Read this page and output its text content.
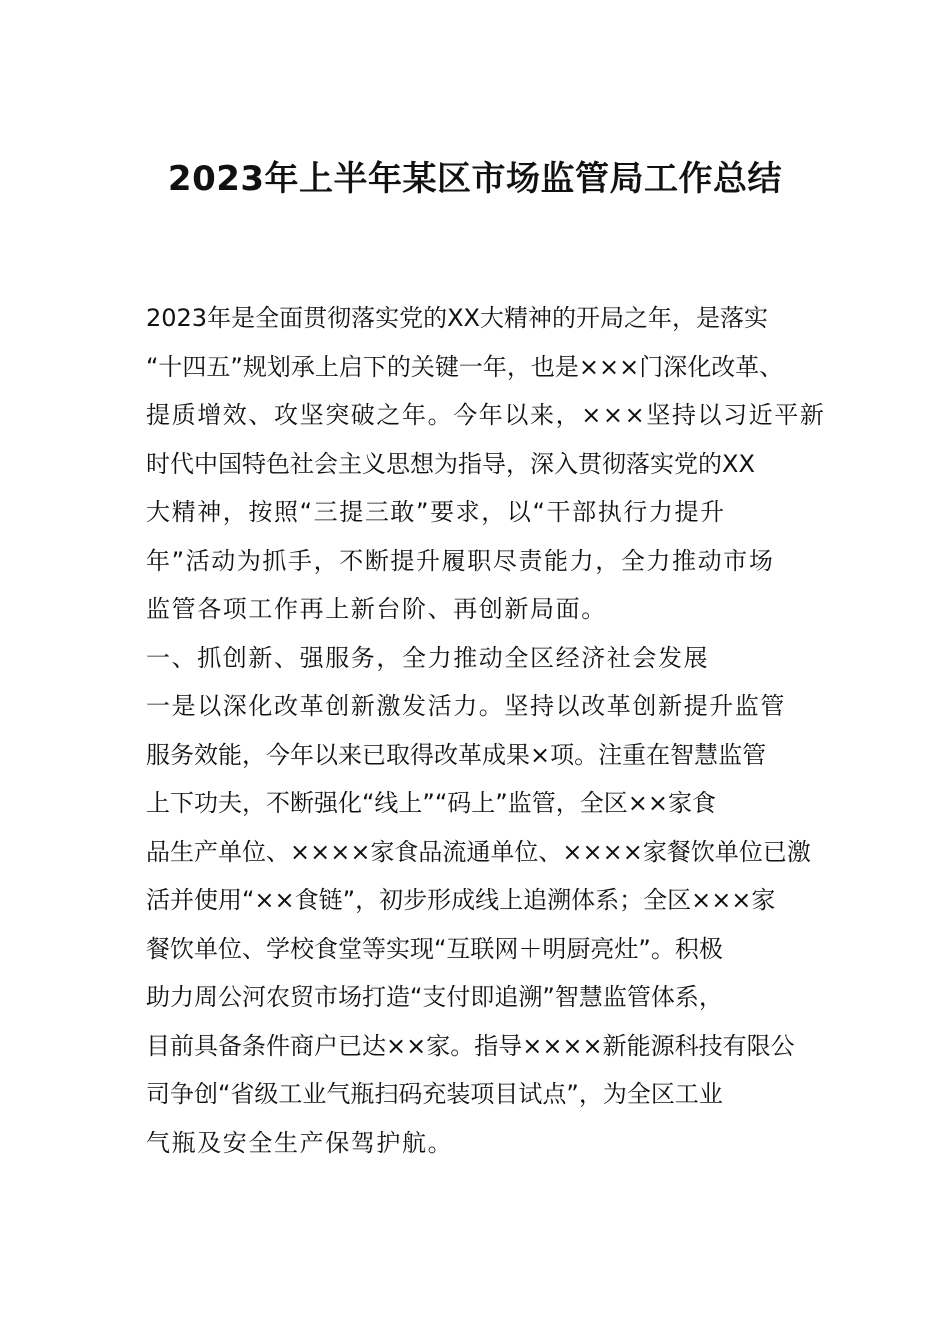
2023年上半年某区市场监管局工作总结
2023年是全面贯彻落实党的XX大精神的开局之年，是落实
“十四五”规划承上启下的关键一年，也是×××门深化改革、
提质增效、攻坚突破之年。今年以来，×××坚持以习近平新
时代中国特色社会主义思想为指导，深入贯彻落实党的XX
大精神，按照“三提三敢”要求，以“干部执行力提升
年”活动为抓手，不断提升履职尽责能力，全力推动市场
监管各项工作再上新台阶、再创新局面。
一、抓创新、强服务，全力推动全区经济社会发展
一是以深化改革创新激发活力。坚持以改革创新提升监管
服务效能，今年以来已取得改革成果×项。注重在智慧监管
上下功夫，不断强化“线上”“码上”监管，全区××家食
品生产单位、××××家食品流通单位、××××家餐饮单位已激
活并使用“××食链”，初步形成线上追溯体系；全区×××家
餐饮单位、学校食堂等实现“互联网＋明厨亮灶”。积极
助力周公河农贸市场打造“支付即追溯”智慧监管体系，
目前具备条件商户已达××家。指导××××新能源科技有限公
司争创“省级工业气瓶扫码充装项目试点”，为全区工业
气瓶及安全生产保驾护航。
